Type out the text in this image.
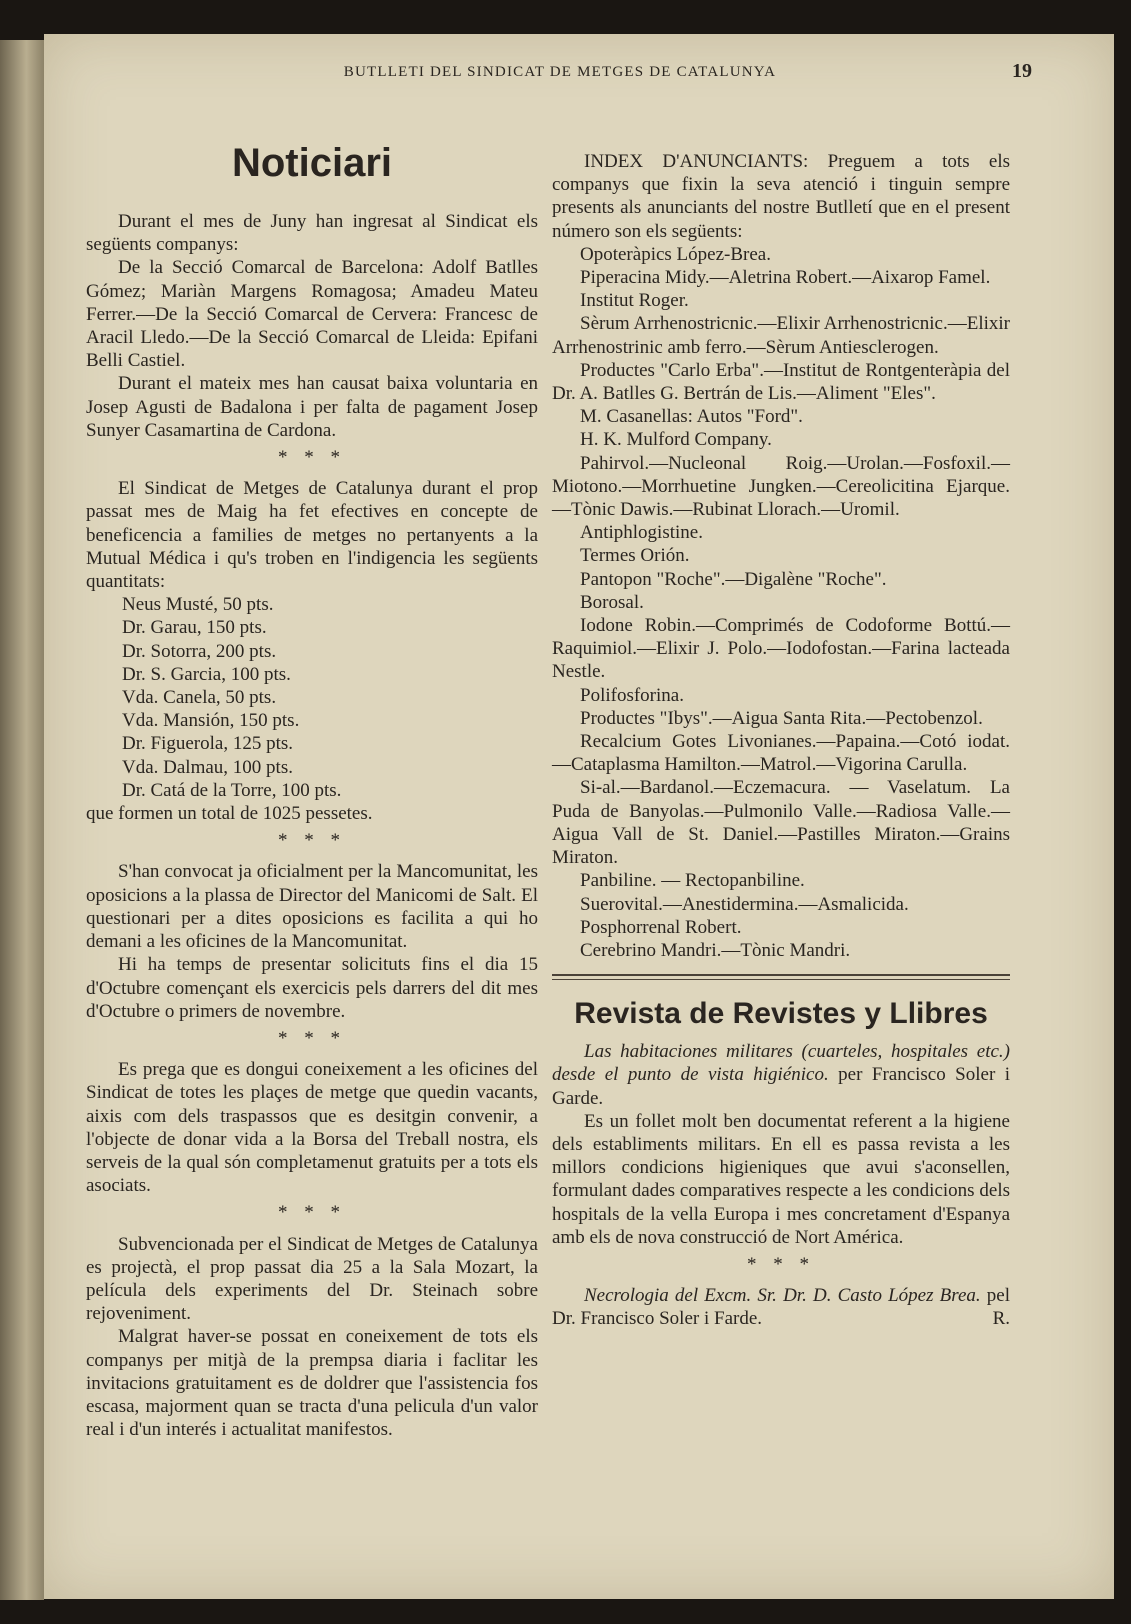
BUTLLETI DEL SINDICAT DE METGES DE CATALUNYA	19
Noticiari

Durant el mes de Juny han ingresat al Sindicat els següents companys:

De la Secció Comarcal de Barcelona: Adolf Batlles Gómez; Mariàn Margens Romagosa; Amadeu Mateu Ferrer.—De la Secció Comarcal de Cervera: Francesc de Aracil Lledo.—De la Secció Comarcal de Lleida: Epifani Belli Castiel.

Durant el mateix mes han causat baixa voluntaria en Josep Agusti de Badalona i per falta de pagament Josep Sunyer Casamartina de Cardona.

* * *

El Sindicat de Metges de Catalunya durant el prop passat mes de Maig ha fet efectives en concepte de beneficencia a families de metges no pertanyents a la Mutual Médica i qu's troben en l'indigencia les següents quantitats:

Neus Musté, 50 pts.
Dr. Garau, 150 pts.
Dr. Sotorra, 200 pts.
Dr. S. Garcia, 100 pts.
Vda. Canela, 50 pts.
Vda. Mansión, 150 pts.
Dr. Figuerola, 125 pts.
Vda. Dalmau, 100 pts.
Dr. Catá de la Torre, 100 pts.

que formen un total de 1025 pessetes.

* * *

S'han convocat ja oficialment per la Mancomunitat, les oposicions a la plassa de Director del Manicomi de Salt. El questionari per a dites oposicions es facilita a qui ho demani a les oficines de la Mancomunitat.

Hi ha temps de presentar solicituts fins el dia 15 d'Octubre començant els exercicis pels darrers del dit mes d'Octubre o primers de novembre.

* * *

Es prega que es dongui coneixement a les oficines del Sindicat de totes les plaçes de metge que quedin vacants, aixis com dels traspassos que es desitgin convenir, a l'objecte de donar vida a la Borsa del Treball nostra, els serveis de la qual són completamenut gratuits per a tots els asociats.

* * *

Subvencionada per el Sindicat de Metges de Catalunya es projectà, el prop passat dia 25 a la Sala Mozart, la película dels experiments del Dr. Steinach sobre rejoveniment.

Malgrat haver-se possat en coneixement de tots els companys per mitjà de la prempsa diaria i faclitar les invitacions gratuitament es de doldrer que l'assistencia fos escasa, majorment quan se tracta d'una pelicula d'un valor real i d'un interés i actualitat manifestos.

INDEX D'ANUNCIANTS: Preguem a tots els companys que fixin la seva atenció i tinguin sempre presents als anunciants del nostre Butlletí que en el present número son els següents:

Opoteràpics López-Brea.

Piperacina Midy.—Aletrina Robert.—Aixarop Famel.

Institut Roger.

Sèrum Arrhenostricnic.—Elixir Arrhenostricnic.—Elixir Arrhenostrinic amb ferro.—Sèrum Antiesclerogen.

Productes "Carlo Erba".—Institut de Rontgenteràpia del Dr. A. Batlles G. Bertrán de Lis.—Aliment "Eles".

M. Casanellas: Autos "Ford".

H. K. Mulford Company.

Pahirvol.—Nucleonal Roig.—Urolan.—Fosfoxil.—Miotono.—Morrhuetine Jungken.—Cereolicitina Ejarque.—Tònic Dawis.—Rubinat Llorach.—Uromil.

Antiphlogistine.

Termes Orión.

Pantopon "Roche".—Digalène "Roche".

Borosal.

Iodone Robin.—Comprimés de Codoforme Bottú.—Raquimiol.—Elixir J. Polo.—Iodofostan.—Farina lacteada Nestle.

Polifosforina.

Productes "Ibys".—Aigua Santa Rita.—Pectobenzol.

Recalcium Gotes Livonianes.—Papaina.—Cotó iodat.—Cataplasma Hamilton.—Matrol.—Vigorina Carulla.

Si-al.—Bardanol.—Eczemacura. — Vaselatum. La Puda de Banyolas.—Pulmonilo Valle.—Radiosa Valle.—Aigua Vall de St. Daniel.—Pastilles Miraton.—Grains Miraton.

Panbiline. — Rectopanbiline.

Suerovital.—Anestidermina.—Asmalicida.

Posphorrenal Robert.

Cerebrino Mandri.—Tònic Mandri.

Revista de Revistes y Llibres

Las habitaciones militares (cuarteles, hospitales etc.) desde el punto de vista higiénico. per Francisco Soler i Garde.

Es un follet molt ben documentat referent a la higiene dels establiments militars. En ell es passa revista a les millors condicions higieniques que avui s'aconsellen, formulant dades comparatives respecte a les condicions dels hospitals de la vella Europa i mes concretament d'Espanya amb els de nova construcció de Nort América.

* * *

Necrologia del Excm. Sr. Dr. D. Casto López Brea. pel Dr. Francisco Soler i Farde.	R.
